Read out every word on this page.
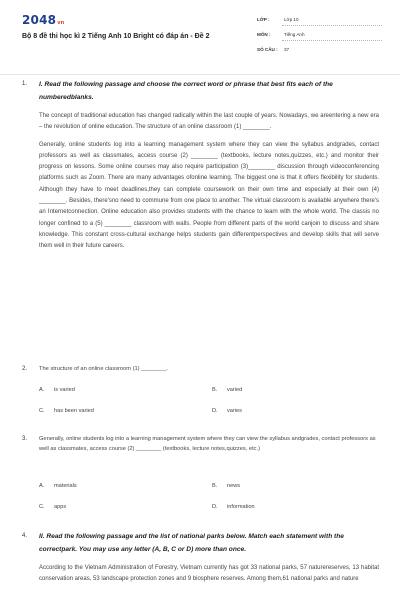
2048vn
Bộ 8 đề thi học kì 2 Tiếng Anh 10 Bright có đáp án - Đề 2
LỚP :	Lớp 10
MÔN :	Tiếng Anh
SỐ CÂU : 37
1. I. Read the following passage and choose the correct word or phrase that best fits each of the numberedblanks.

The concept of traditional education has changed radically within the last couple of years. Nowadays, we areentering a new era – the revolution of online education. The structure of an online classroom (1) ________.

Generally, online students log into a learning management system where they can view the syllabus andgrades, contact professors as well as classmates, access course (2) ________ (textbooks, lecture notes,quizzes, etc.) and monitor their progress on lessons. Some online courses may also require participation (3)________ discussion through videoconferencing platforms such as Zoom. There are many advantages ofonline learning. The biggest one is that it offers flexibility for students. Although they have to meet deadlines,they can complete coursework on their own time and especially at their own (4) ________. Besides, there'sno need to commune from one place to another. The virtual classroom is available anywhere there's an Internetconnection. Online education also provides students with the chance to learn with the whole world. The classis no longer confined to a (5) ________ classroom with walls. People from different parts of the world canjoin to discuss and share knowledge. This constant cross-cultural exchange helps students gain differentperspectives and develop skills that will serve them well in their future careers.

2. The structure of an online classroom (1) ________.
A. is varied	B. varied
C. has been varied	D. varies
3. Generally, online students log into a learning management system where they can view the syllabus andgrades, contact professors as well as classmates, access course (2) ________ (textbooks, lecture notes,quizzes, etc.)
A. materials	B. news
C. apps	D. information
4. II. Read the following passage and the list of national parks below. Match each statement with the correctpark. You may use any letter (A, B, C or D) more than once.
According to the Vietnam Administration of Forestry, Vietnam currently has got 33 national parks, 57 naturereserves, 13 habitat conservation areas, 53 landscape protection zones and 9 biosphere reserves. Among them,61 national parks and nature
